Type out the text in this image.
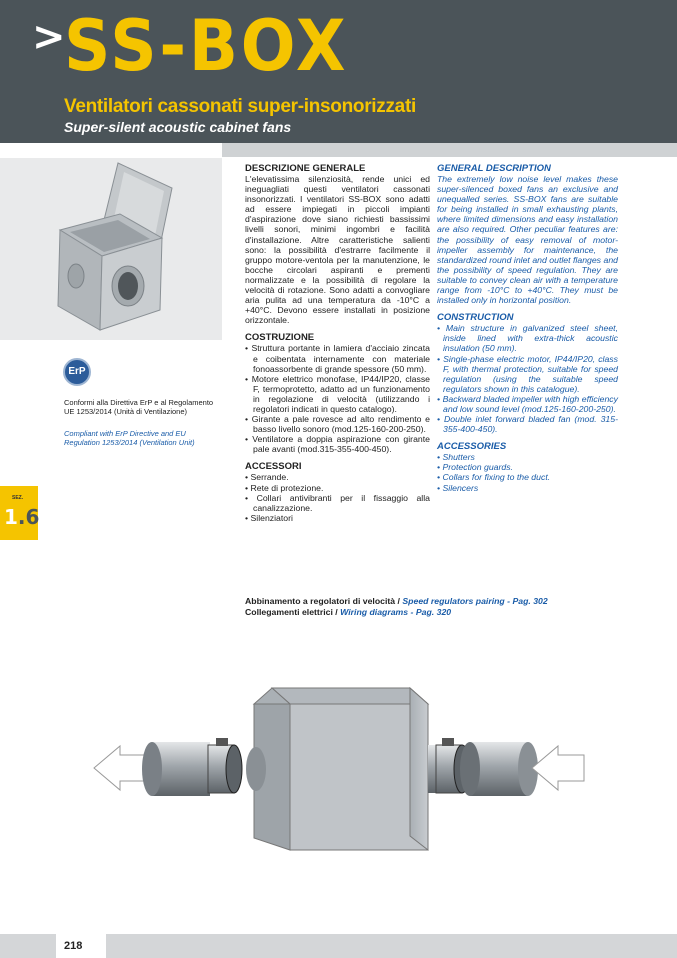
>
SS-BOX
Ventilatori cassonati super-insonorizzati
Super-silent acoustic cabinet fans
ErP
Conformi alla Direttiva ErP e al Regolamento UE 1253/2014 (Unità di Ventilazione)
Compliant with ErP Directive and EU Regulation 1253/2014 (Ventilation Unit)
SEZ.
1.6
DESCRIZIONE GENERALE

L'elevatissima silenziosità, rende unici ed ineguagliati questi ventilatori cassonati insonorizzati. I ventilatori SS-BOX sono adatti ad essere impiegati in piccoli impianti d'aspirazione dove siano richiesti bassissimi livelli sonori, minimi ingombri e facilità d'installazione. Altre caratteristiche salienti sono: la possibilità d'estrarre facilmente il gruppo motore-ventola per la manutenzione, le bocche circolari aspiranti e prementi normalizzate e la possibilità di regolare la velocità di rotazione. Sono adatti a convogliare aria pulita ad una temperatura da -10°C a +40°C. Devono essere installati in posizione orizzontale.

COSTRUZIONE
• Struttura portante in lamiera d'acciaio zincata e coibentata internamente con materiale fonoassorbente di grande spessore (50 mm).
• Motore elettrico monofase, IP44/IP20, classe F, termoprotetto, adatto ad un funzionamento in regolazione di velocità (utilizzando i regolatori indicati in questo catalogo).
• Girante a pale rovesce ad alto rendimento e basso livello sonoro (mod.125-160-200-250).
• Ventilatore a doppia aspirazione con girante pale avanti (mod.315-355-400-450).
ACCESSORI
• Serrande.
• Rete di protezione.
• Collari antivibranti per il fissaggio alla canalizzazione.
• Silenziatori
GENERAL DESCRIPTION

The extremely low noise level makes these super-silenced boxed fans an exclusive and unequalled series. SS-BOX fans are suitable for being installed in small exhausting plants, where limited dimensions and easy installation are also required. Other peculiar features are: the possibility of easy removal of motor-impeller assembly for maintenance, the standardized round inlet and outlet flanges and the possibility of speed regulation. They are suitable to convey clean air with a temperature range from -10°C to +40°C. They must be installed only in horizontal position.

CONSTRUCTION
• Main structure in galvanized steel sheet, inside lined with extra-thick acoustic insulation (50 mm).
• Single-phase electric motor, IP44/IP20, class F, with thermal protection, suitable for speed regulation (using the suitable speed regulators shown in this catalogue).
• Backward bladed impeller with high efficiency and low sound level (mod.125-160-200-250).
• Double inlet forward bladed fan (mod. 315-355-400-450).
ACCESSORIES
• Shutters
• Protection guards.
• Collars for fixing to the duct.
• Silencers
Abbinamento a regolatori di velocità / Speed regulators pairing - Pag. 302
Collegamenti elettrici / Wiring diagrams - Pag. 320
218
